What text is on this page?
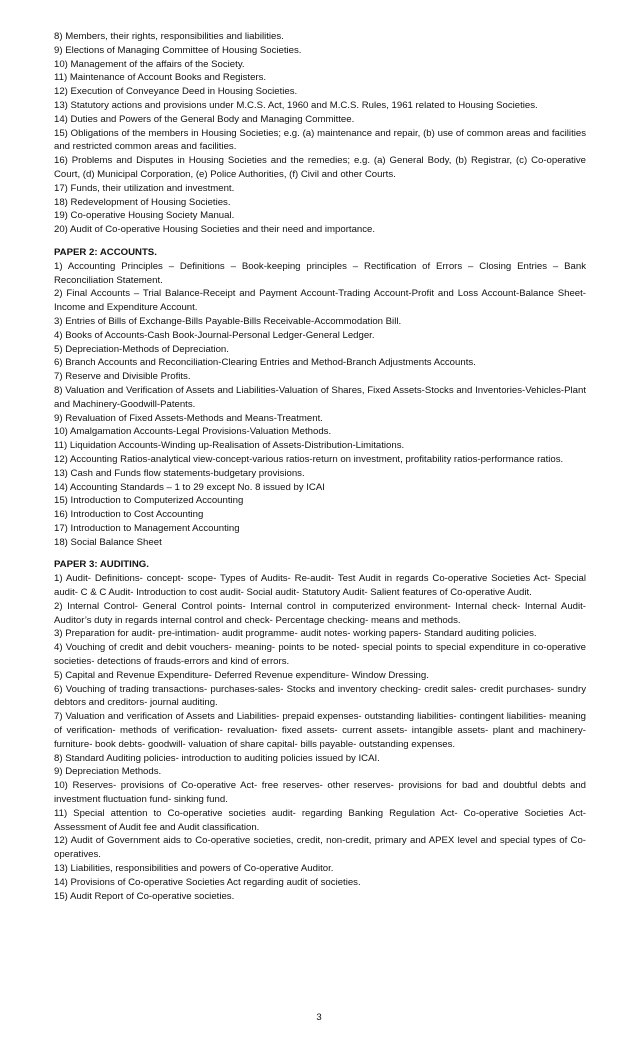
8) Members, their rights, responsibilities and liabilities.

9) Elections of Managing Committee of Housing Societies.

10) Management of the affairs of the Society.

11) Maintenance of Account Books and Registers.

12) Execution of Conveyance Deed in Housing Societies.

13) Statutory actions and provisions under M.C.S. Act, 1960 and M.C.S. Rules, 1961 related to Housing Societies.

14) Duties and Powers of the General Body and Managing Committee.

15) Obligations of the members in Housing Societies; e.g. (a) maintenance and repair, (b) use of common areas and facilities and restricted common areas and facilities.

16) Problems and Disputes in Housing Societies and the remedies; e.g. (a) General Body, (b) Registrar, (c) Co-operative Court, (d) Municipal Corporation, (e) Police Authorities, (f) Civil and other Courts.

17) Funds, their utilization and investment.

18) Redevelopment of Housing Societies.

19) Co-operative Housing Society Manual.

20) Audit of Co-operative Housing Societies and their need and importance.

PAPER 2: ACCOUNTS.

1) Accounting Principles – Definitions – Book-keeping principles – Rectification of Errors – Closing Entries – Bank Reconciliation Statement.

2) Final Accounts – Trial Balance-Receipt and Payment Account-Trading Account-Profit and Loss Account-Balance Sheet-Income and Expenditure Account.

3) Entries of Bills of Exchange-Bills Payable-Bills Receivable-Accommodation Bill.

4) Books of Accounts-Cash Book-Journal-Personal Ledger-General Ledger.

5) Depreciation-Methods of Depreciation.

6) Branch Accounts and Reconciliation-Clearing Entries and Method-Branch Adjustments Accounts.

7) Reserve and Divisible Profits.

8) Valuation and Verification of Assets and Liabilities-Valuation of Shares, Fixed Assets-Stocks and Inventories-Vehicles-Plant and Machinery-Goodwill-Patents.

9) Revaluation of Fixed Assets-Methods and Means-Treatment.

10) Amalgamation Accounts-Legal Provisions-Valuation Methods.

11) Liquidation Accounts-Winding up-Realisation of Assets-Distribution-Limitations.

12) Accounting Ratios-analytical view-concept-various ratios-return on investment, profitability ratios-performance ratios.

13) Cash and Funds flow statements-budgetary provisions.

14) Accounting Standards – 1 to 29 except No. 8 issued by ICAI

15) Introduction to Computerized Accounting

16) Introduction to Cost Accounting

17) Introduction to Management Accounting

18) Social Balance Sheet

PAPER 3: AUDITING.

1) Audit- Definitions- concept- scope- Types of Audits- Re-audit- Test Audit in regards Co-operative Societies Act- Special audit- C & C Audit- Introduction to cost audit- Social audit- Statutory Audit- Salient features of Co-operative Audit.

2) Internal Control- General Control points- Internal control in computerized environment- Internal check- Internal Audit- Auditor’s duty in regards internal control and check- Percentage checking- means and methods.

3) Preparation for audit- pre-intimation- audit programme- audit notes- working papers- Standard auditing policies.

4) Vouching of credit and debit vouchers- meaning- points to be noted- special points to special expenditure in co-operative societies- detections of frauds-errors and kind of errors.

5) Capital and Revenue Expenditure- Deferred Revenue expenditure- Window Dressing.

6) Vouching of trading transactions- purchases-sales- Stocks and inventory checking- credit sales- credit purchases- sundry debtors and creditors- journal auditing.

7) Valuation and verification of Assets and Liabilities- prepaid expenses- outstanding liabilities- contingent liabilities- meaning of verification- methods of verification- revaluation- fixed assets- current assets- intangible assets- plant and machinery- furniture- book debts- goodwill- valuation of share capital- bills payable- outstanding expenses.

8) Standard Auditing policies- introduction to auditing policies issued by ICAI.

9) Depreciation Methods.

10) Reserves- provisions of Co-operative Act- free reserves- other reserves- provisions for bad and doubtful debts and investment fluctuation fund- sinking fund.

11) Special attention to Co-operative societies audit- regarding Banking Regulation Act- Co-operative Societies Act- Assessment of Audit fee and Audit classification.

12) Audit of Government aids to Co-operative societies, credit, non-credit, primary and APEX level and special types of Co-operatives.

13) Liabilities, responsibilities and powers of Co-operative Auditor.

14) Provisions of Co-operative Societies Act regarding audit of societies.

15) Audit Report of Co-operative societies.

3
